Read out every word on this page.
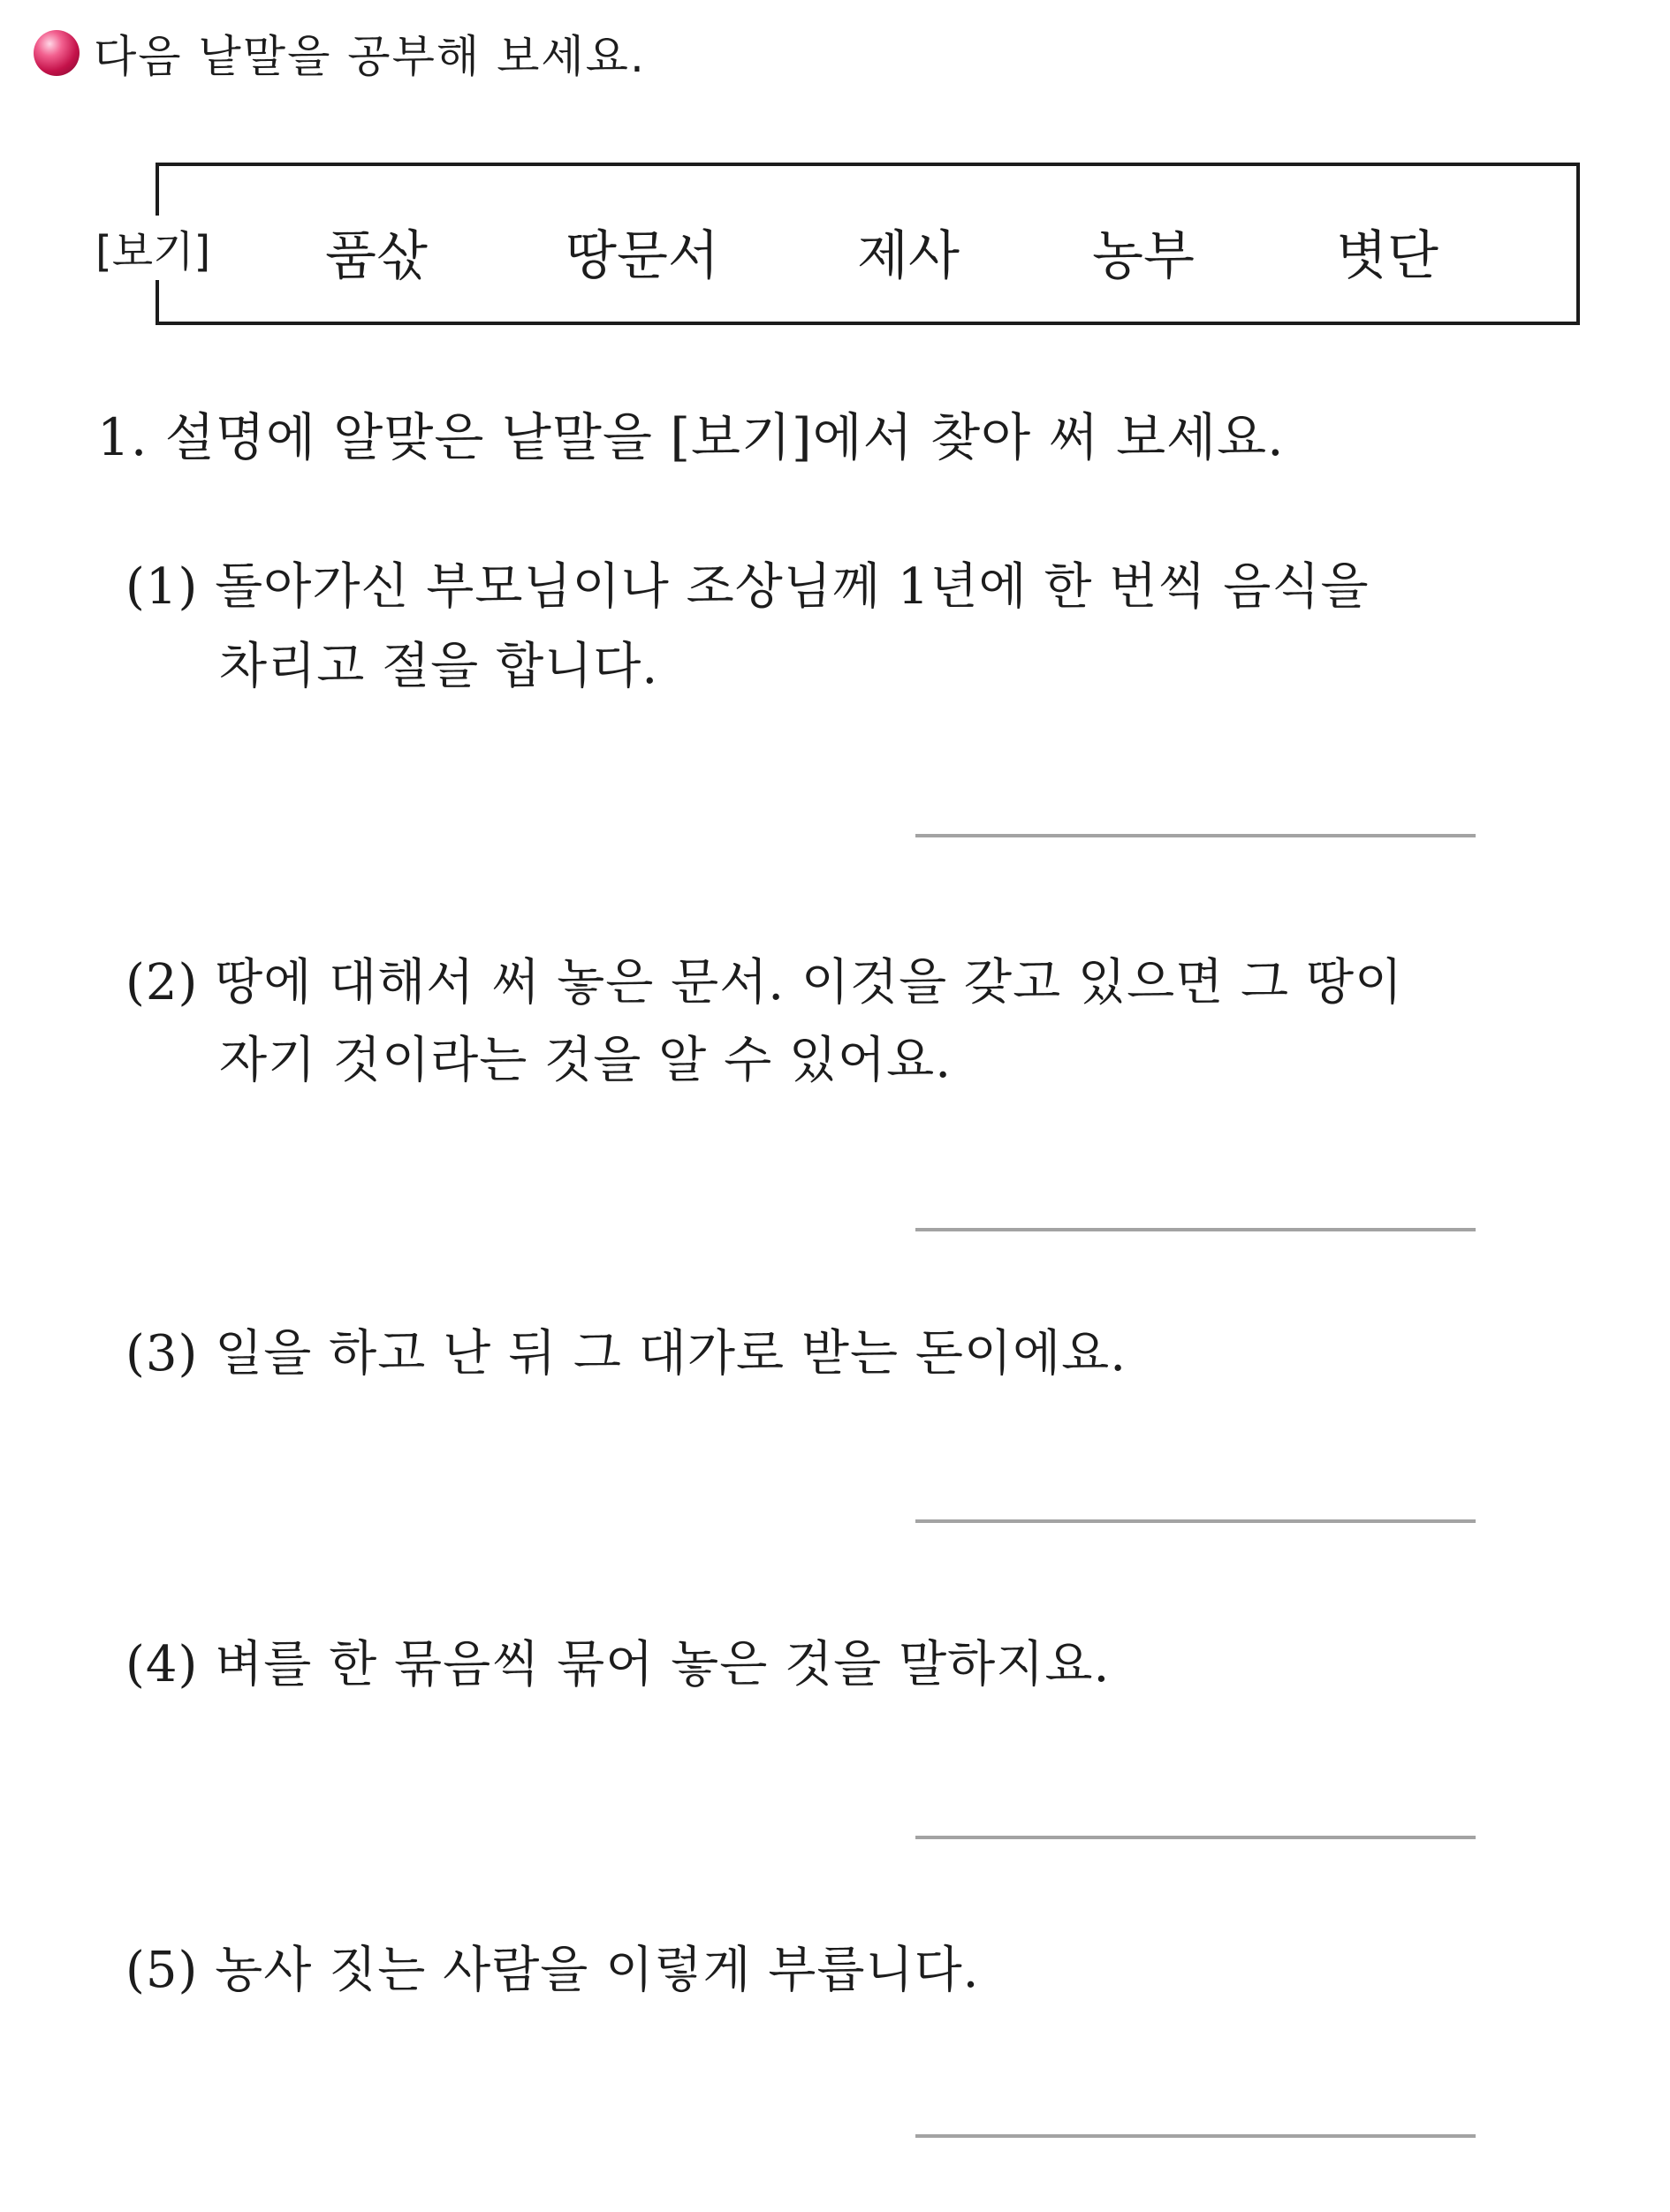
다음 낱말을 공부해 보세요.
[보기] 품삯	땅문서	제사	농부	볏단
1. 설명에 알맞은 낱말을 [보기]에서 찾아 써 보세요.
(1) 돌아가신 부모님이나 조상님께 1년에 한 번씩 음식을
차리고 절을 합니다.
(2) 땅에 대해서 써 놓은 문서. 이것을 갖고 있으면 그 땅이
자기 것이라는 것을 알 수 있어요.
(3) 일을 하고 난 뒤 그 대가로 받는 돈이에요.
(4) 벼를 한 묶음씩 묶어 놓은 것을 말하지요.
(5) 농사 짓는 사람을 이렇게 부릅니다.
